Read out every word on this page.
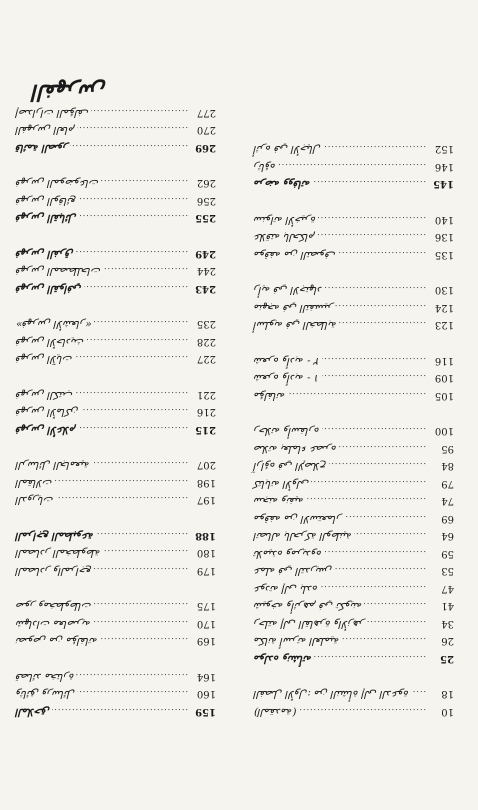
10
.....
(ﺍﻟﻤﻘﺪﻣﺔ)
18
.....
ﺍﻟﻔﺼﻞ ﺍﻷﻭﻝ: ﻣﻦ ﺍﻟﻨﺸﺄﺓ ﺇﻟﻰ ﺍﻟﺪﻋﻮﺓ
25
.....
ﻣﻮﻟﺪﻩ ﻭﻧﺸﺄﺗﻪ
26
.....
ﻣﻜﺎﻧﺔ ﺃﺳﺮﺗﻪ ﺍﻟﻌﻠﻤﻴﺔ
34
.....
ﺭﺣﻠﺘﻪ ﺇﻟﻰ ﺍﻟﻘﺎﻫﺮﺓ ﻭﺍﻷﺯﻫﺮ
41
.....
ﺷﻴﻮﺧﻪ ﻭﺃﺛﺮﻫﻢ ﻓﻲ ﺗﻜﻮﻳﻨﻪ
47
.....
ﻋﻮﺩﺗﻪ ﺇﻟﻰ ﺑﻠﺪﻩ
53
.....
ﻋﻤﻠﻪ ﻓﻲ ﺍﻟﺘﺪﺭﻳﺲ
59
.....
ﺗﻼﻣﻴﺬﻩ ﻭﻣﺮﻳﺪﻭﻩ
64
.....
ﺍﺗﺼﺎﻟﻪ ﺑﺎﻟﺤﺮﻛﺔ ﺍﻟﻮﻃﻨﻴﺔ
69
.....
ﻣﻮﻗﻔﻪ ﻣﻦ ﺍﻻﺳﺘﻌﻤﺎﺭ
74
.....
ﺳﺠﻨﻪ ﻭﻧﻔﻴﻪ
79
.....
ﻛﺘﺎﺑﺎﺗﻪ ﺍﻷﻭﻟﻰ
84
.....
ﺁﺭﺍﺅﻩ ﻓﻲ ﺍﻹﺻﻼﺡ
95
.....
ﺻﻼﺗﻪ ﺑﻌﻠﻤﺎﺀ ﻋﺼﺮﻩ
100
.....
ﺭﺣﻼﺗﻪ ﻭﺃﺳﻔﺎﺭﻩ
105
.....
ﻣﺆﻟﻔﺎﺗﻪ
109
.....
ﺷﻌﺮﻩ ﻭﺃﺩﺑﻪ - ١
116
.....
ﺷﻌﺮﻩ ﻭﺃﺩﺑﻪ - ٢
123
.....
ﺃﺳﻠﻮﺑﻪ ﻓﻲ ﺍﻟﺨﻄﺎﺑﺔ
124
.....
ﻣﻨﻬﺠﻪ ﻓﻲ ﺍﻟﺘﻔﺴﻴﺮ
130
.....
ﺭﺃﻳﻪ ﻓﻲ ﺍﻻﺟﺘﻬﺎﺩ
135
.....
ﻣﻮﻗﻔﻪ ﻣﻦ ﺍﻟﺘﺼﻮﻑ
136
.....
ﻋﻼﻗﺘﻪ ﺑﺎﻟﺤﻜﺎﻡ
140
.....
ﺳﻨﻮﺍﺗﻪ ﺍﻷﺧﻴﺮﺓ
145
.....
ﻣﺮﺿﻪ ﻭﻭﻓﺎﺗﻪ
146
.....
ﺭﺛﺎﺅﻩ
152
.....
ﺃﺛﺮﻩ ﻓﻲ ﺍﻷﺟﻴﺎﻝ
159
.....
ﺍﻟﻤﻼﺣﻖ
160
.....
ﻭﺛﺎﺋﻖ ﻭﺭﺳﺎﺋﻞ
164
.....
ﻗﺼﺎﺋﺪ ﻣﺨﺘﺎﺭﺓ
169
.....
ﻧﺼﻮﺹ ﻣﻦ ﻣﺆﻟﻔﺎﺗﻪ
170
.....
ﺷﻬﺎﺩﺍﺕ ﻣﻌﺎﺻﺮﻳﻪ
175
.....
ﺻﻮﺭ ﻭﻣﺨﻄﻮﻃﺎﺕ
179
.....
ﺍﻟﻤﺼﺎﺩﺭ ﻭﺍﻟﻤﺮﺍﺟﻊ
180
.....
ﺍﻟﻤﺼﺎﺩﺭ ﺍﻟﻤﺨﻄﻮﻃﺔ
188
.....
ﺍﻟﻤﺮﺍﺟﻊ ﺍﻟﻤﻄﺒﻮﻋﺔ
197
.....
ﺍﻟﺪﻭﺭﻳﺎﺕ
198
.....
ﺍﻟﻤﻘﺎﻻﺕ
207
.....
ﺍﻟﺮﺳﺎﺋﻞ ﺍﻟﺠﺎﻣﻌﻴﺔ
215
.....
ﻓﻬﺮﺱ ﺍﻷﻋﻼﻡ
216
.....
ﻓﻬﺮﺱ ﺍﻷﻣﺎﻛﻦ
221
.....
ﻓﻬﺮﺱ ﺍﻟﻜﺘﺐ
227
.....
ﻓﻬﺮﺱ ﺍﻵﻳﺎﺕ
228
.....
ﻓﻬﺮﺱ ﺍﻷﺣﺎﺩﻳﺚ
235
.....
«ﻓﻬﺮﺱ ﺍﻷﺷﻌﺎﺭ»
243
.....
ﻓﻬﺮﺱ ﺍﻟﻘﻮﺍﻓﻲ
244
.....
ﻓﻬﺮﺱ ﺍﻟﻤﺼﻄﻠﺤﺎﺕ
249
.....
ﻓﻬﺮﺱ ﺍﻟﻔﺮﻕ
255
.....
ﻓﻬﺮﺱ ﺍﻟﻘﺒﺎﺋﻞ
256
.....
ﻓﻬﺮﺱ ﺍﻟﻮﻗﺎﺋﻊ
262
.....
ﻓﻬﺮﺱ ﺍﻟﻤﻮﺿﻮﻋﺎﺕ
269
.....
ﻗﺎﺋﻤﺔ ﺍﻟﺼﻮﺭ
270
.....
ﺍﻟﻔﻬﺮﺱ ﺍﻟﻌﺎﻡ
277
.....
ﺇﺻﺪﺍﺭﺍﺕ ﺍﻟﻤﺆﻟﻒ
ﺍﻟﻔﻬﺮﺱ
